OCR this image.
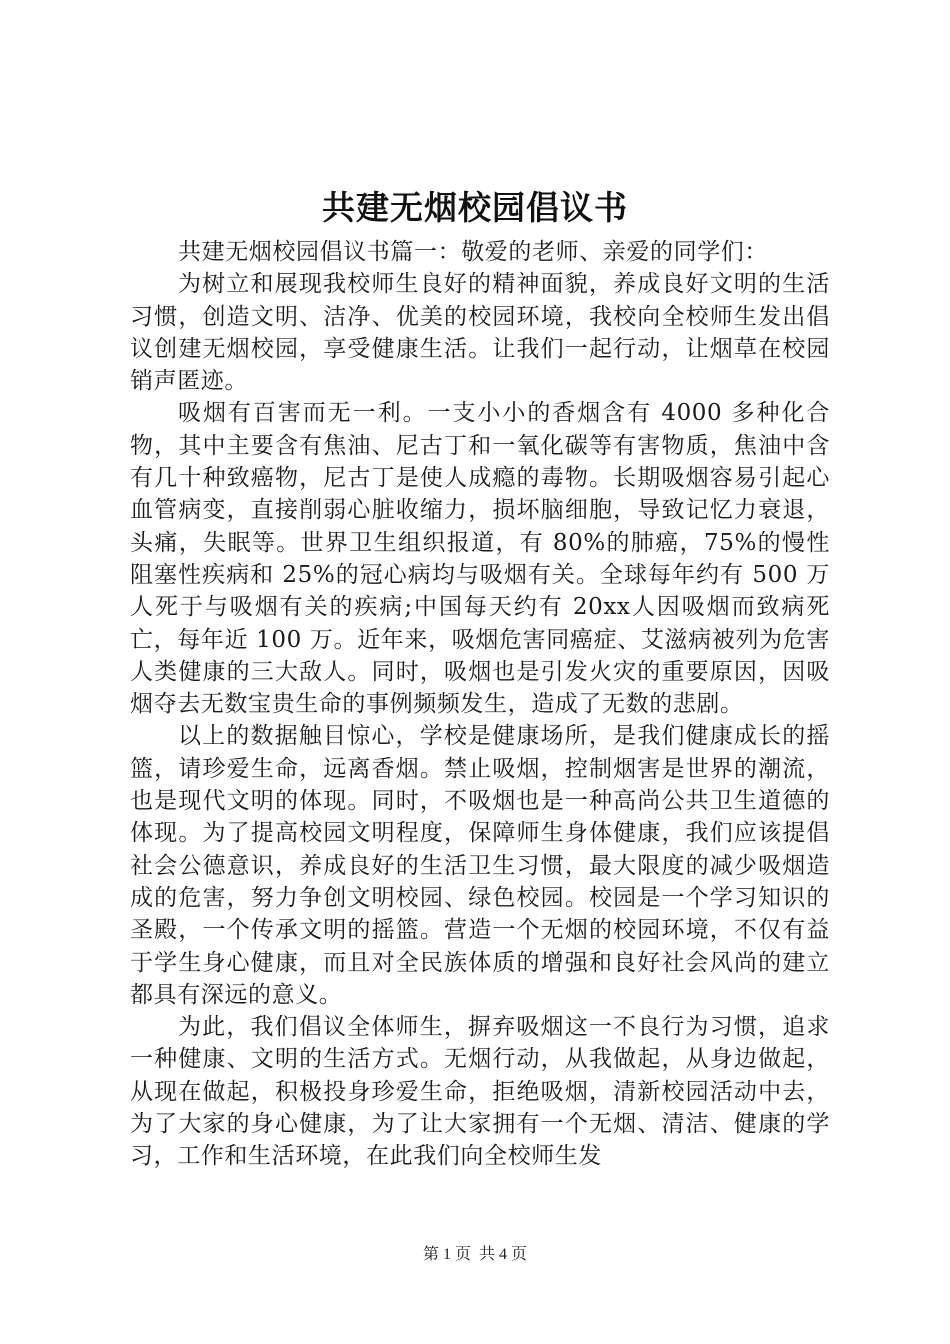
共建无烟校园倡议书

共建无烟校园倡议书篇一：敬爱的老师、亲爱的同学们：

为树立和展现我校师生良好的精神面貌，养成良好文明的生活习惯，创造文明、洁净、优美的校园环境，我校向全校师生发出倡议创建无烟校园，享受健康生活。让我们一起行动，让烟草在校园销声匿迹。

吸烟有百害而无一利。一支小小的香烟含有 4000 多种化合物，其中主要含有焦油、尼古丁和一氧化碳等有害物质，焦油中含有几十种致癌物，尼古丁是使人成瘾的毒物。长期吸烟容易引起心血管病变，直接削弱心脏收缩力，损坏脑细胞，导致记忆力衰退，头痛，失眠等。世界卫生组织报道，有 80%的肺癌，75%的慢性阻塞性疾病和 25%的冠心病均与吸烟有关。全球每年约有 500 万人死于与吸烟有关的疾病;中国每天约有 20xx人因吸烟而致病死亡，每年近 100 万。近年来，吸烟危害同癌症、艾滋病被列为危害人类健康的三大敌人。同时，吸烟也是引发火灾的重要原因，因吸烟夺去无数宝贵生命的事例频频发生，造成了无数的悲剧。

以上的数据触目惊心，学校是健康场所，是我们健康成长的摇篮，请珍爱生命，远离香烟。禁止吸烟，控制烟害是世界的潮流，也是现代文明的体现。同时，不吸烟也是一种高尚公共卫生道德的体现。为了提高校园文明程度，保障师生身体健康，我们应该提倡社会公德意识，养成良好的生活卫生习惯，最大限度的减少吸烟造成的危害，努力争创文明校园、绿色校园。校园是一个学习知识的圣殿，一个传承文明的摇篮。营造一个无烟的校园环境，不仅有益于学生身心健康，而且对全民族体质的增强和良好社会风尚的建立都具有深远的意义。

为此，我们倡议全体师生，摒弃吸烟这一不良行为习惯，追求一种健康、文明的生活方式。无烟行动，从我做起，从身边做起，从现在做起，积极投身珍爱生命，拒绝吸烟，清新校园活动中去，为了大家的身心健康，为了让大家拥有一个无烟、清洁、健康的学习，工作和生活环境，在此我们向全校师生发

第 1 页 共 4 页
